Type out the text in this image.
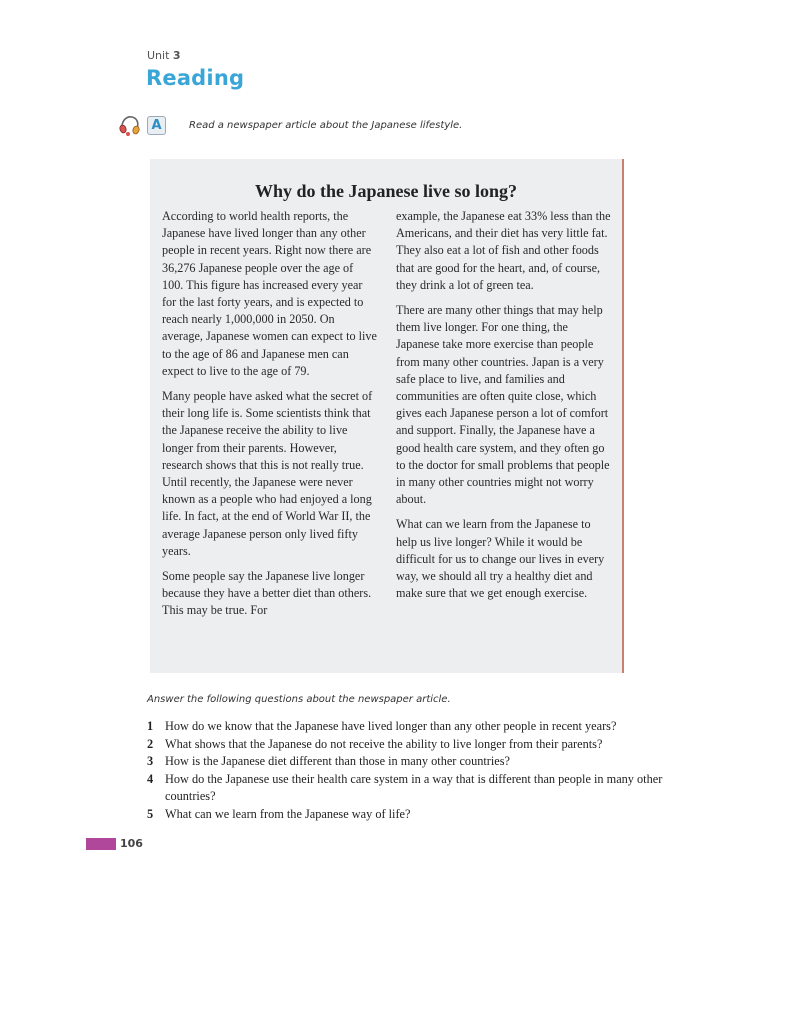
Unit 3
Reading
A	Read a newspaper article about the Japanese lifestyle.
Why do the Japanese live so long?

According to world health reports, the Japanese have lived longer than any other people in recent years. Right now there are 36,276 Japanese people over the age of 100. This figure has increased every year for the last forty years, and is expected to reach nearly 1,000,000 in 2050. On average, Japanese women can expect to live to the age of 86 and Japanese men can expect to live to the age of 79.

Many people have asked what the secret of their long life is. Some scientists think that the Japanese receive the ability to live longer from their parents. However, research shows that this is not really true. Until recently, the Japanese were never known as a people who had enjoyed a long life. In fact, at the end of World War II, the average Japanese person only lived fifty years.

Some people say the Japanese live longer because they have a better diet than others. This may be true. For

example, the Japanese eat 33% less than the Americans, and their diet has very little fat. They also eat a lot of fish and other foods that are good for the heart, and, of course, they drink a lot of green tea.

There are many other things that may help them live longer. For one thing, the Japanese take more exercise than people from many other countries. Japan is a very safe place to live, and families and communities are often quite close, which gives each Japanese person a lot of comfort and support. Finally, the Japanese have a good health care system, and they often go to the doctor for small problems that people in many other countries might not worry about.

What can we learn from the Japanese to help us live longer? While it would be difficult for us to change our lives in every way, we should all try a healthy diet and make sure that we get enough exercise.

Answer the following questions about the newspaper article.
1 How do we know that the Japanese have lived longer than any other people in recent years?
2 What shows that the Japanese do not receive the ability to live longer from their parents?
3 How is the Japanese diet different than those in many other countries?
4 How do the Japanese use their health care system in a way that is different than people in many other countries?
5 What can we learn from the Japanese way of life?
106
